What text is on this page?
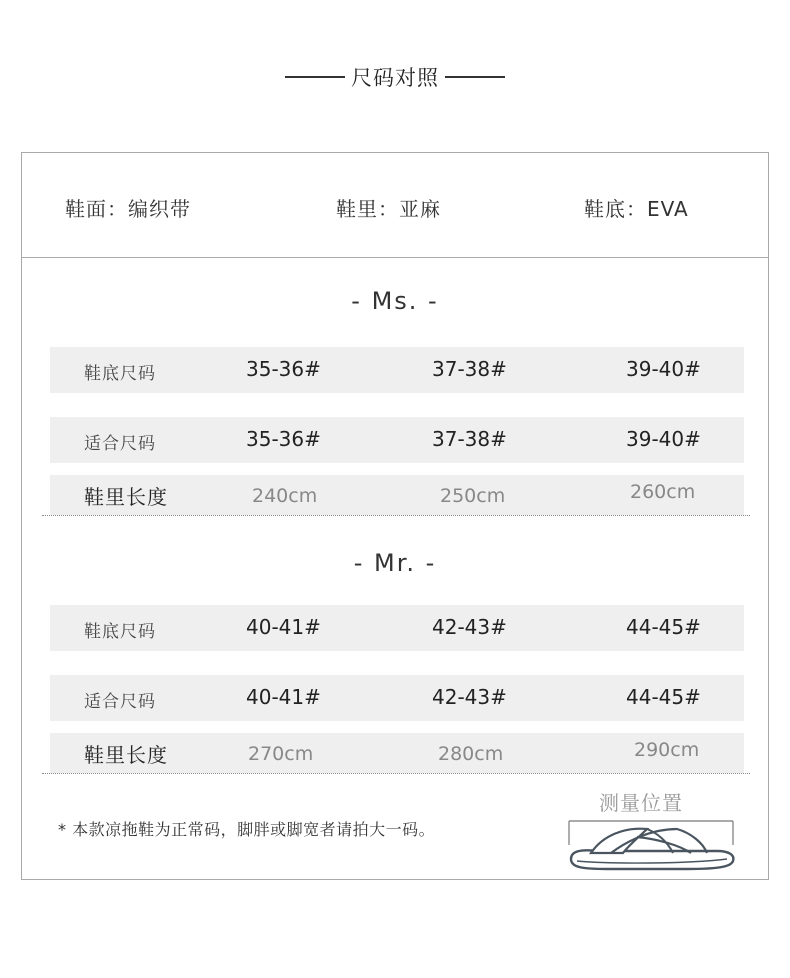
尺码对照
鞋面：编织带	鞋里：亚麻	鞋底：EVA
- Ms. -
鞋底尺码	35-36#	37-38#	39-40#
适合尺码	35-36#	37-38#	39-40#
鞋里长度	240cm	250cm	260cm
- Mr. -
鞋底尺码	40-41#	42-43#	44-45#
适合尺码	40-41#	42-43#	44-45#
鞋里长度	270cm	280cm	290cm
* 本款凉拖鞋为正常码，脚胖或脚宽者请拍大一码。
测量位置
